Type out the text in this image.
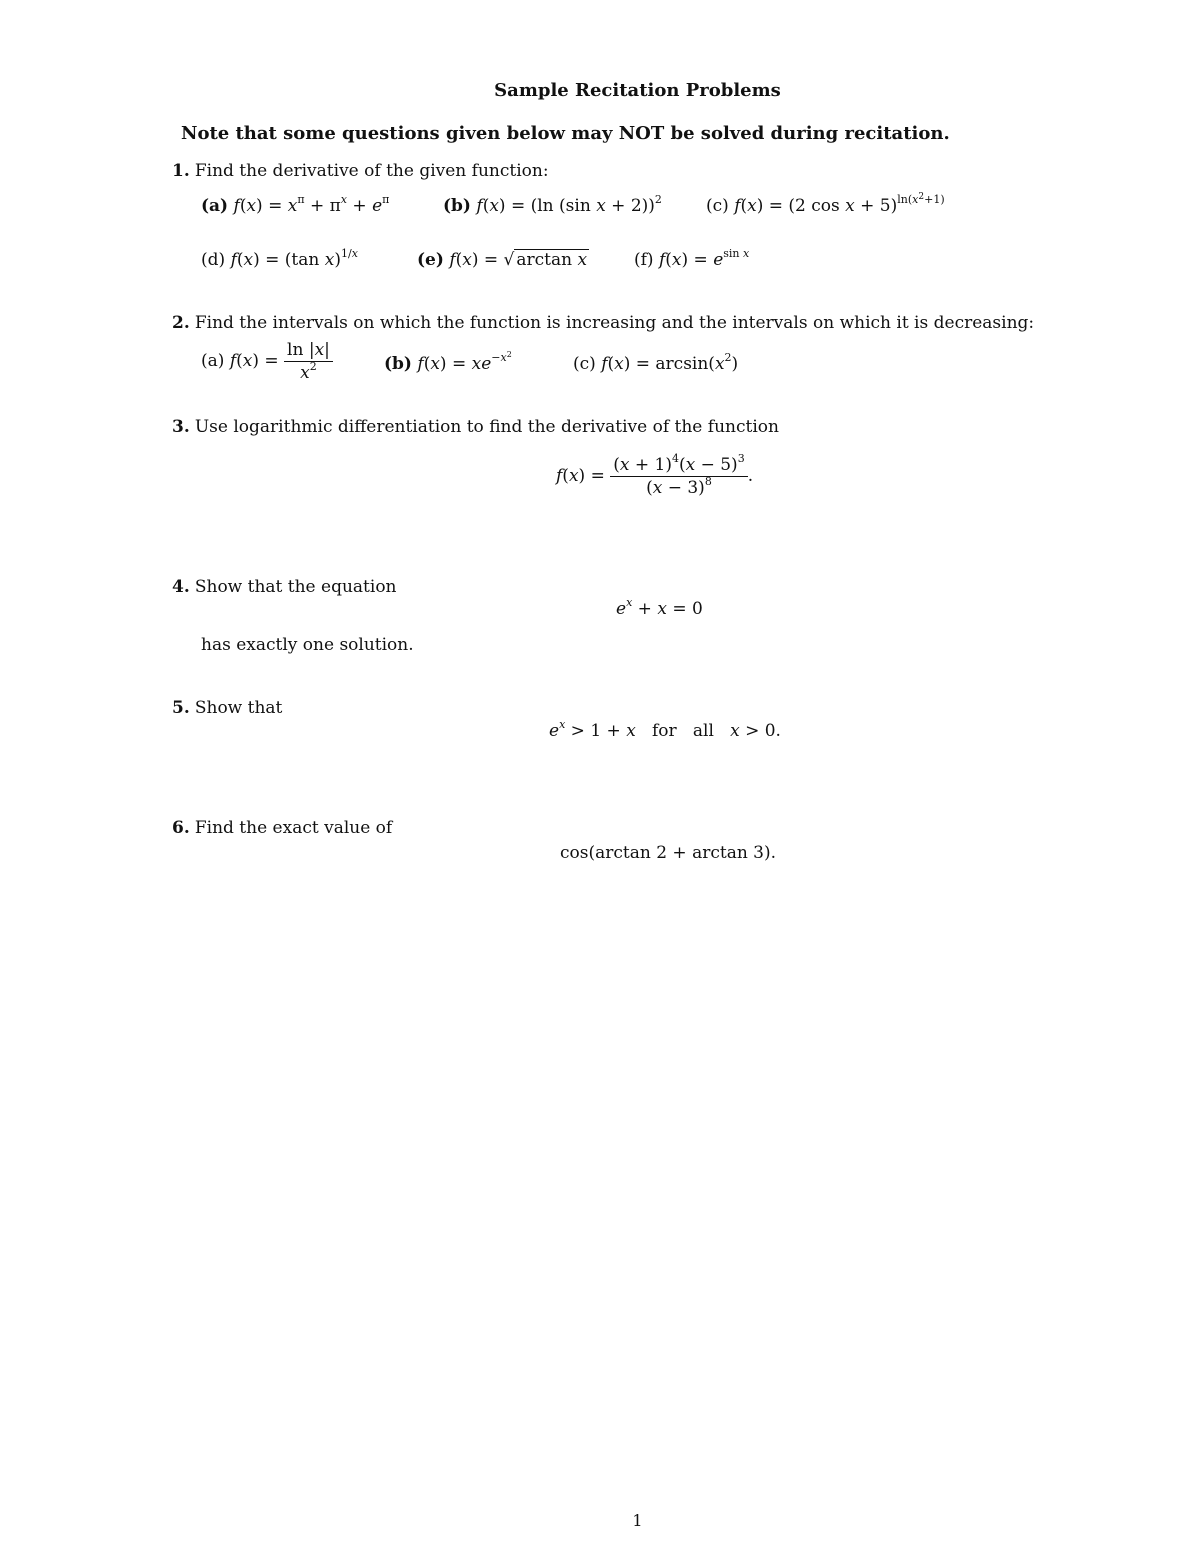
Sample Recitation Problems
Note that some questions given below may NOT be solved during recitation.
1. Find the derivative of the given function:
(a) $f(x) = x^\pi + \pi^x + e^\pi$	(b) f(x) = (ln (sin x + 2))$^2$	(c) f(x) = (2 cos x + 5)$^{ln(x^2+1)}$
(d) f(x) = (tan x)$^{1/x}$	(e) f(x) = √ arctan x	(f) $f(x) = e^{sin x}$
2. Find the intervals on which the function is increasing and the intervals on which it is decreasing:
(a) $f(x) = \frac{\ln |x|}{x^2}$	(b) $f(x) = xe^{-x^2}$	(c) $f(x) = \arcsin(x^2)$
3. Use logarithmic differentiation to find the derivative of the function
$f(x) = \frac{(x + 1)^4(x - 5)^3}{(x - 3)^8}$ .
4. Show that the equation
$e^x + x = 0$
has exactly one solution.
5. Show that
$e^x > 1 + x$   for   all   x > 0.
6. Find the exact value of
cos(arctan 2 + arctan 3).
1
